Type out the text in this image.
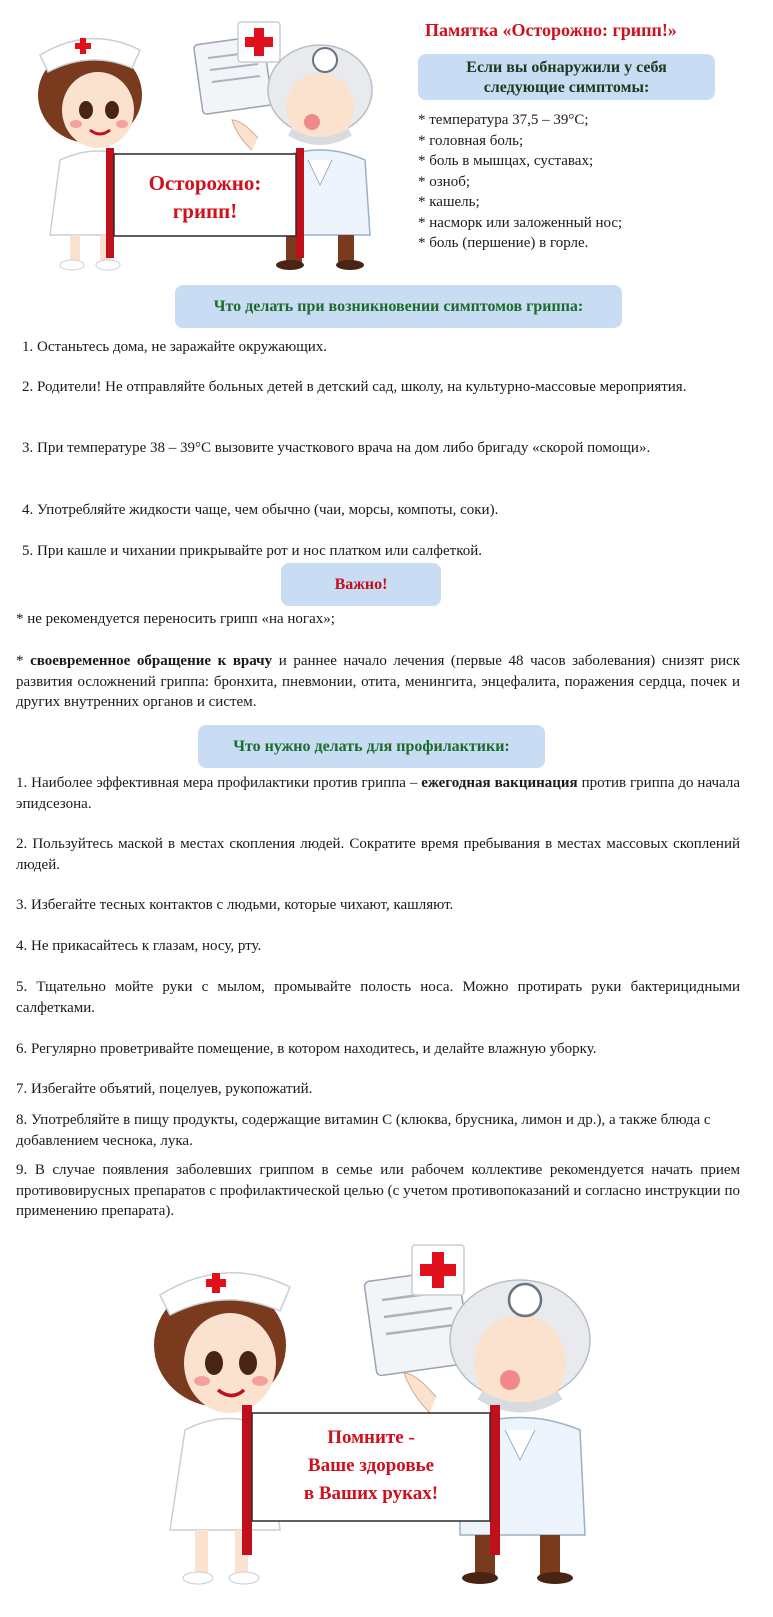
Осторожно:
грипп!
Памятка «Осторожно: грипп!»
Если вы обнаружили у себя
следующие симптомы:
* температура 37,5 – 39°С;
* головная боль;
* боль в мышцах, суставах;
* озноб;
* кашель;
* насморк или заложенный нос;
* боль (першение) в горле.
Что делать при возникновении симптомов гриппа:
1. Останьтесь дома, не заражайте окружающих.
2. Родители! Не отправляйте больных детей в детский сад, школу, на культурно-массовые мероприятия.
3. При температуре 38 – 39°С вызовите участкового врача на дом либо бригаду «скорой помощи».
4. Употребляйте жидкости чаще, чем обычно (чаи, морсы, компоты, соки).
5. При кашле и чихании прикрывайте рот и нос платком или салфеткой.
Важно!
* не рекомендуется переносить грипп «на ногах»;
* своевременное обращение к врачу и раннее начало лечения (первые 48 часов заболевания) снизят риск развития осложнений гриппа: бронхита, пневмонии, отита, менингита, энцефалита, поражения сердца, почек и других внутренних органов и систем.
Что нужно делать для профилактики:
1. Наиболее эффективная мера профилактики против гриппа – ежегодная вакцинация против гриппа до начала эпидсезона.
2. Пользуйтесь маской в местах скопления людей. Сократите время пребывания в местах массовых скоплений людей.
3. Избегайте тесных контактов с людьми, которые чихают, кашляют.
4. Не прикасайтесь к глазам, носу, рту.
5. Тщательно мойте руки с мылом, промывайте полость носа. Можно протирать руки бактерицидными салфетками.
6. Регулярно проветривайте помещение, в котором находитесь, и делайте влажную уборку.
7. Избегайте объятий, поцелуев, рукопожатий.
8. Употребляйте в пищу продукты, содержащие витамин С (клюква, брусника, лимон и др.), а также блюда с добавлением чеснока, лука.
9. В случае появления заболевших гриппом в семье или рабочем коллективе рекомендуется начать прием противовирусных препаратов с профилактической целью (с учетом противопоказаний и согласно инструкции по применению препарата).
Помните -
Ваше здоровье
в Ваших руках!
